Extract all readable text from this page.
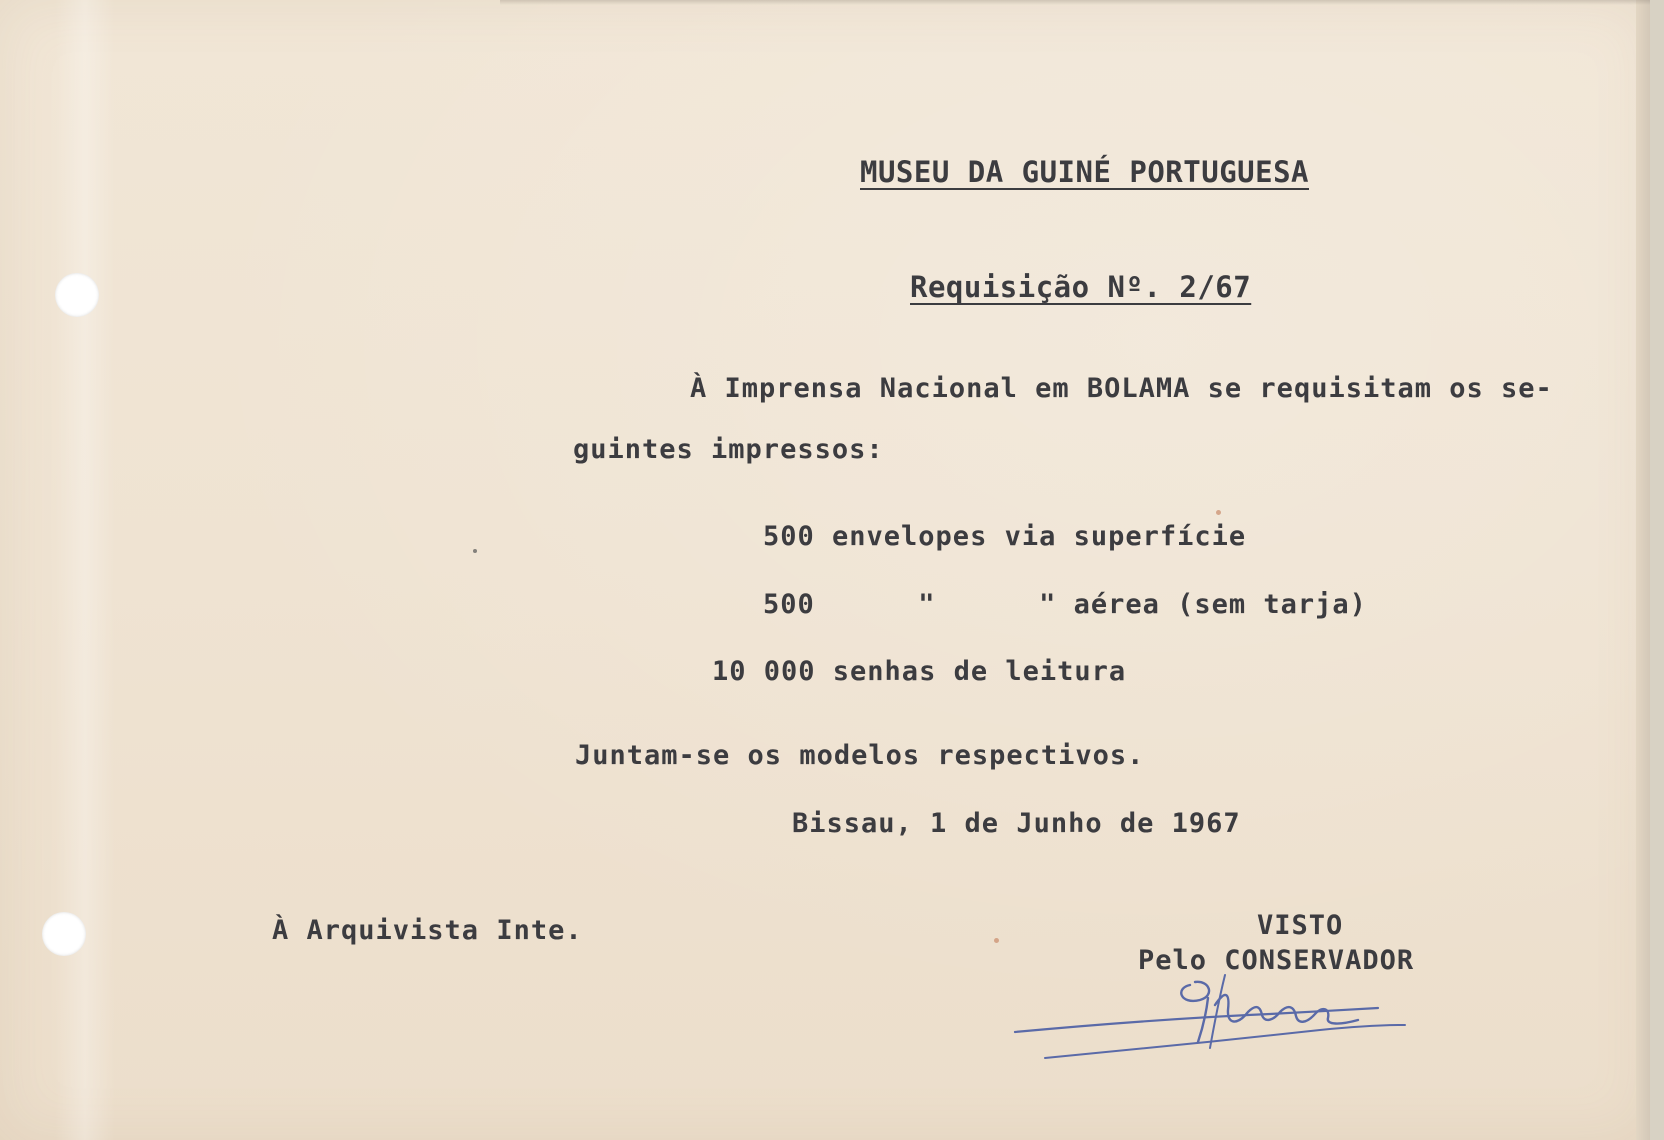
MUSEU DA GUINÉ PORTUGUESA
Requisição Nº. 2/67
À Imprensa Nacional em BOLAMA se requisitam os se-
guintes impressos:
500 envelopes via superfície
500      "      " aérea (sem tarja)
10 000 senhas de leitura
Juntam-se os modelos respectivos.
Bissau, 1 de Junho de 1967
À Arquivista Inte.	VISTO
Pelo CONSERVADOR
